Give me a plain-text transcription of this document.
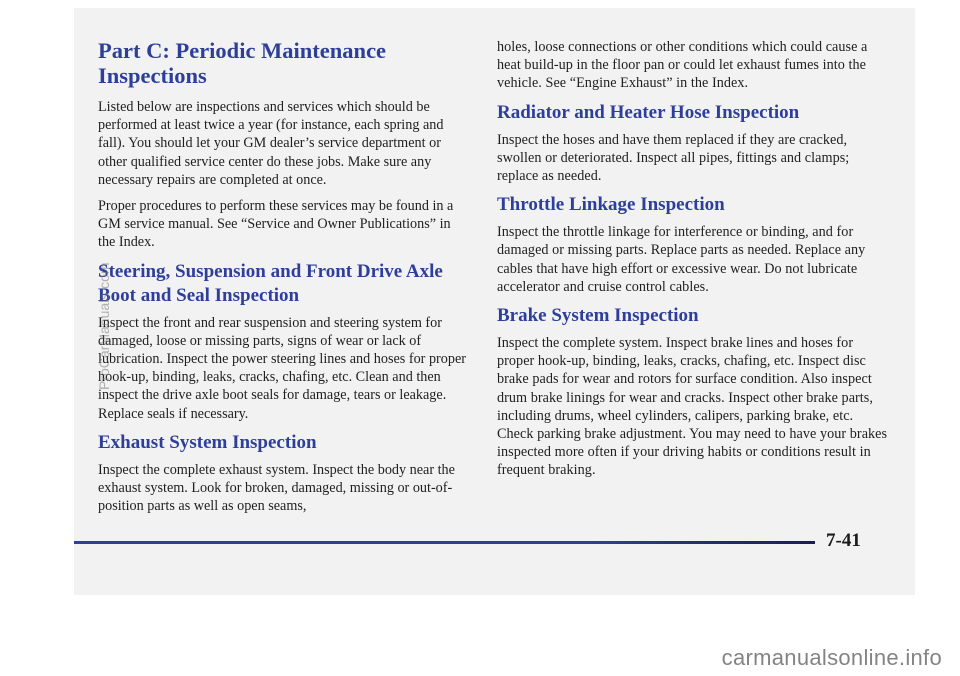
Part C: Periodic Maintenance Inspections

Listed below are inspections and services which should be performed at least twice a year (for instance, each spring and fall). You should let your GM dealer’s service department or other qualified service center do these jobs. Make sure any necessary repairs are completed at once.

Proper procedures to perform these services may be found in a GM service manual. See “Service and Owner Publications” in the Index.

Steering, Suspension and Front Drive Axle Boot and Seal Inspection

Inspect the front and rear suspension and steering system for damaged, loose or missing parts, signs of wear or lack of lubrication. Inspect the power steering lines and hoses for proper hook-up, binding, leaks, cracks, chafing, etc. Clean and then inspect the drive axle boot seals for damage, tears or leakage. Replace seals if necessary.

Exhaust System Inspection

Inspect the complete exhaust system. Inspect the body near the exhaust system. Look for broken, damaged, missing or out-of-position parts as well as open seams,

holes, loose connections or other conditions which could cause a heat build-up in the floor pan or could let exhaust fumes into the vehicle. See “Engine Exhaust” in the Index.

Radiator and Heater Hose Inspection

Inspect the hoses and have them replaced if they are cracked, swollen or deteriorated. Inspect all pipes, fittings and clamps; replace as needed.

Throttle Linkage Inspection

Inspect the throttle linkage for interference or binding, and for damaged or missing parts. Replace parts as needed. Replace any cables that have high effort or excessive wear. Do not lubricate accelerator and cruise control cables.

Brake System Inspection

Inspect the complete system. Inspect brake lines and hoses for proper hook-up, binding, leaks, cracks, chafing, etc. Inspect disc brake pads for wear and rotors for surface condition. Also inspect drum brake linings for wear and cracks. Inspect other brake parts, including drums, wheel cylinders, calipers, parking brake, etc. Check parking brake adjustment. You may need to have your brakes inspected more often if your driving habits or conditions result in frequent braking.

7-41
ProCarManuals.com
carmanualsonline.info
